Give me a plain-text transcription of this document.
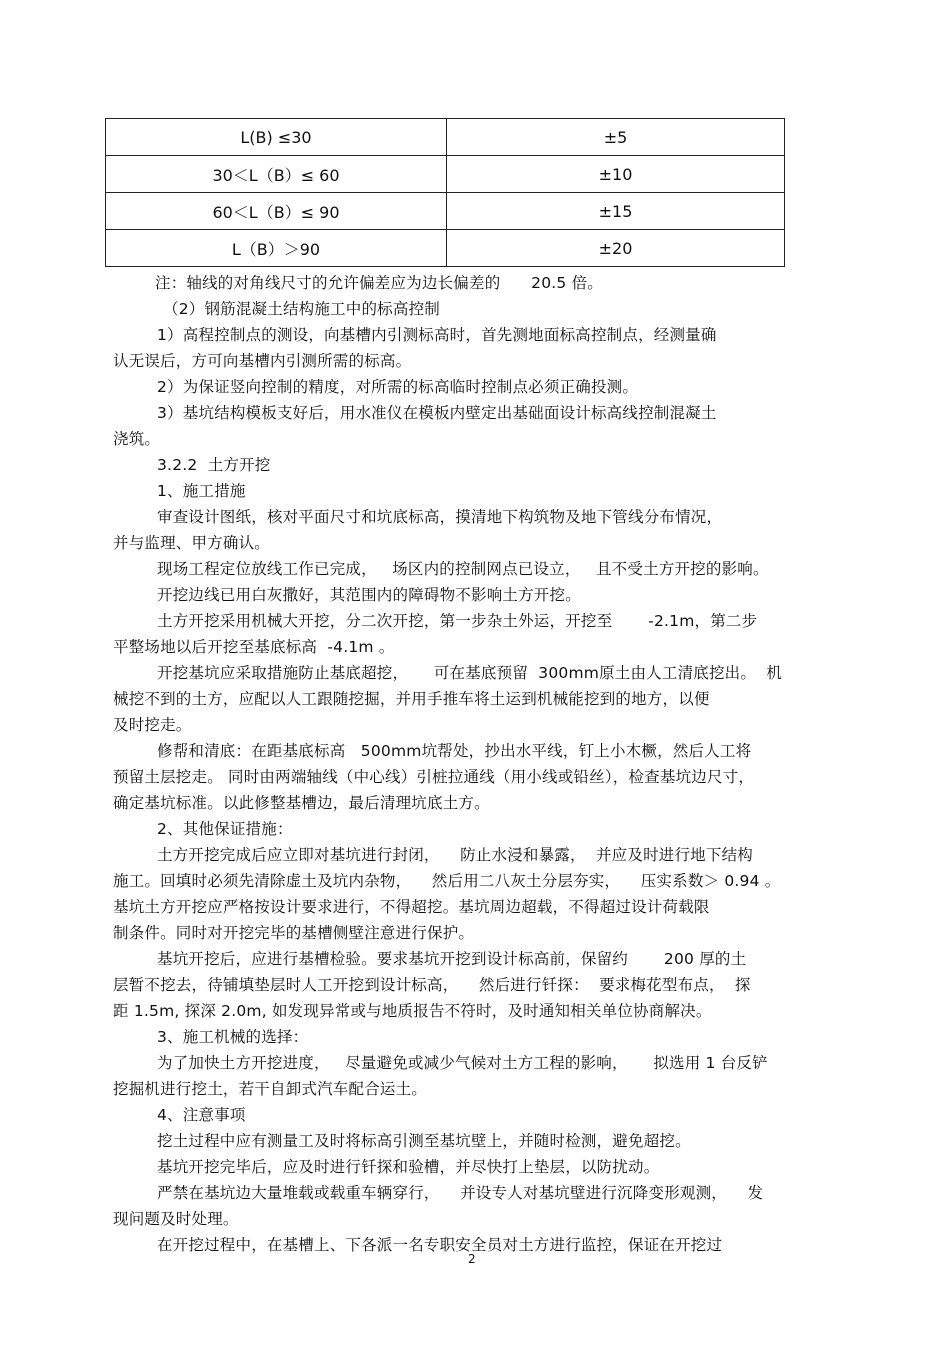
L(B) ≤30	±5
30＜L（B）≤ 60	±10
60＜L（B）≤ 90	±15
L（B）＞90	±20
注：轴线的对角线尺寸的允许偏差应为边长偏差的      20.5 倍。
（2）钢筋混凝土结构施工中的标高控制
1）高程控制点的测设，向基槽内引测标高时，首先测地面标高控制点，经测量确
认无误后，方可向基槽内引测所需的标高。
2）为保证竖向控制的精度，对所需的标高临时控制点必须正确投测。
3）基坑结构模板支好后，用水准仪在模板内壁定出基础面设计标高线控制混凝土
浇筑。
3.2.2  土方开挖
1、施工措施
审查设计图纸，核对平面尺寸和坑底标高，摸清地下构筑物及地下管线分布情况，
并与监理、甲方确认。
现场工程定位放线工作已完成，   场区内的控制网点已设立，   且不受土方开挖的影响。
开挖边线已用白灰撒好，其范围内的障碍物不影响土方开挖。
土方开挖采用机械大开挖，分二次开挖，第一步杂土外运，开挖至       -2.1m，第二步
平整场地以后开挖至基底标高  -4.1m 。
开挖基坑应采取措施防止基底超挖，     可在基底预留  300mm原土由人工清底挖出。  机
械挖不到的土方，应配以人工跟随挖掘，并用手推车将土运到机械能挖到的地方，以便
及时挖走。
修帮和清底：在距基底标高   500mm坑帮处，抄出水平线，钉上小木橛，然后人工将
预留土层挖走。 同时由两端轴线（中心线）引桩拉通线（用小线或铅丝），检查基坑边尺寸，
确定基坑标准。以此修整基槽边，最后清理坑底土方。
2、其他保证措施：
土方开挖完成后应立即对基坑进行封闭，    防止水浸和暴露，  并应及时进行地下结构
施工。回填时必须先清除虚土及坑内杂物，    然后用二八灰土分层夯实，    压实系数＞ 0.94 。
基坑土方开挖应严格按设计要求进行，不得超挖。基坑周边超载，不得超过设计荷载限
制条件。同时对开挖完毕的基槽侧壁注意进行保护。
基坑开挖后，应进行基槽检验。要求基坑开挖到设计标高前，保留约       200 厚的土
层暂不挖去，待铺填垫层时人工开挖到设计标高，    然后进行钎探：  要求梅花型布点，  探
距 1.5m, 探深 2.0m, 如发现异常或与地质报告不符时，及时通知相关单位协商解决。
3、施工机械的选择：
为了加快土方开挖进度，   尽量避免或减少气候对土方工程的影响，     拟选用 1 台反铲
挖掘机进行挖土，若干自卸式汽车配合运土。
4、注意事项
挖土过程中应有测量工及时将标高引测至基坑壁上，并随时检测，避免超挖。
基坑开挖完毕后，应及时进行钎探和验槽，并尽快打上垫层，以防扰动。
严禁在基坑边大量堆载或载重车辆穿行，    并设专人对基坑壁进行沉降变形观测，    发
现问题及时处理。
在开挖过程中，在基槽上、下各派一名专职安全员对土方进行监控，保证在开挖过
2
